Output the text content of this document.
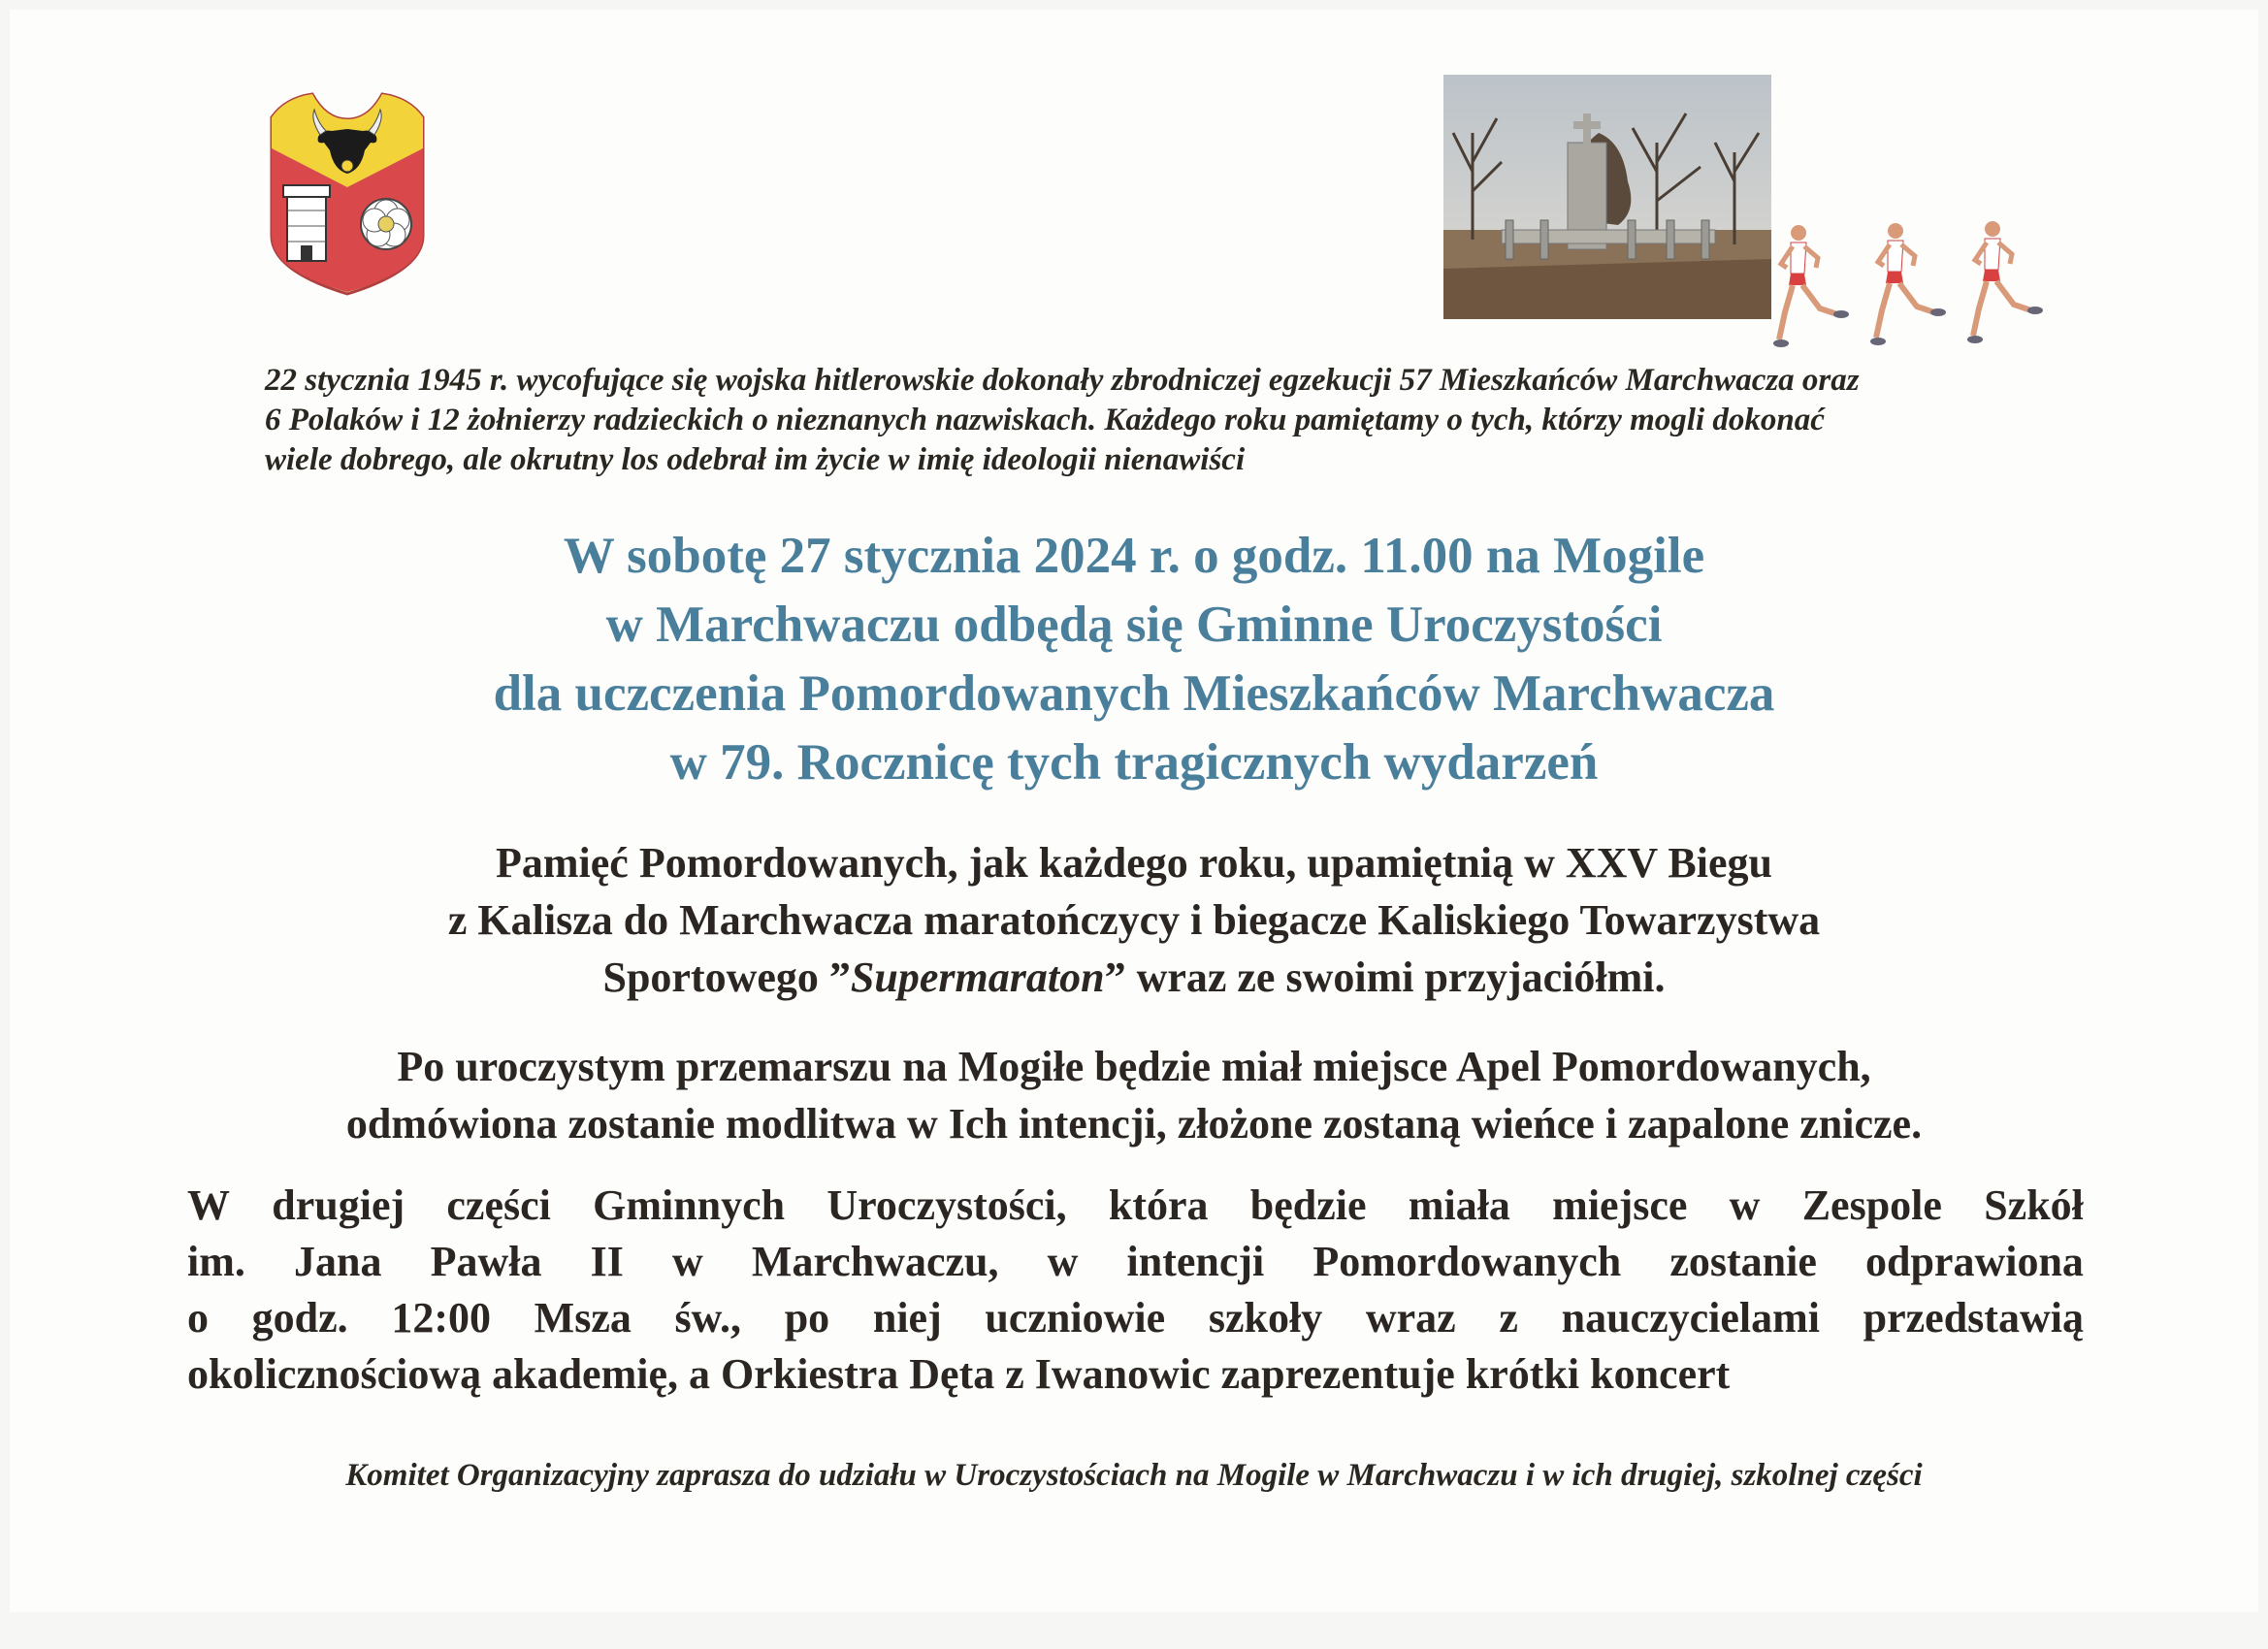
22 stycznia 1945 r. wycofujące się wojska hitlerowskie dokonały zbrodniczej egzekucji 57 Mieszkańców Marchwacza oraz
6 Polaków i 12 żołnierzy radzieckich o nieznanych nazwiskach. Każdego roku pamiętamy o tych, którzy mogli dokonać
wiele dobrego, ale okrutny los odebrał im życie w imię ideologii nienawiści
W sobotę 27 stycznia 2024 r. o godz. 11.00 na Mogile
w Marchwaczu odbędą się Gminne Uroczystości
dla uczczenia Pomordowanych Mieszkańców Marchwacza
w 79. Rocznicę tych tragicznych wydarzeń
Pamięć Pomordowanych, jak każdego roku, upamiętnią w XXV Biegu
z Kalisza do Marchwacza maratończycy i biegacze Kaliskiego Towarzystwa
Sportowego ”Supermaraton” wraz ze swoimi przyjaciółmi.
Po uroczystym przemarszu na Mogiłe będzie miał miejsce Apel Pomordowanych,
odmówiona zostanie modlitwa w Ich intencji, złożone zostaną wieńce i zapalone znicze.
W drugiej części Gminnych Uroczystości, która będzie miała miejsce w Zespole Szkół
im. Jana Pawła II w Marchwaczu, w intencji Pomordowanych zostanie odprawiona
o godz. 12:00 Msza św., po niej uczniowie szkoły wraz z nauczycielami przedstawią
okolicznościową akademię, a Orkiestra Dęta z Iwanowic zaprezentuje krótki koncert

Komitet Organizacyjny zaprasza do udziału w Uroczystościach na Mogile w Marchwaczu i w ich drugiej, szkolnej części
